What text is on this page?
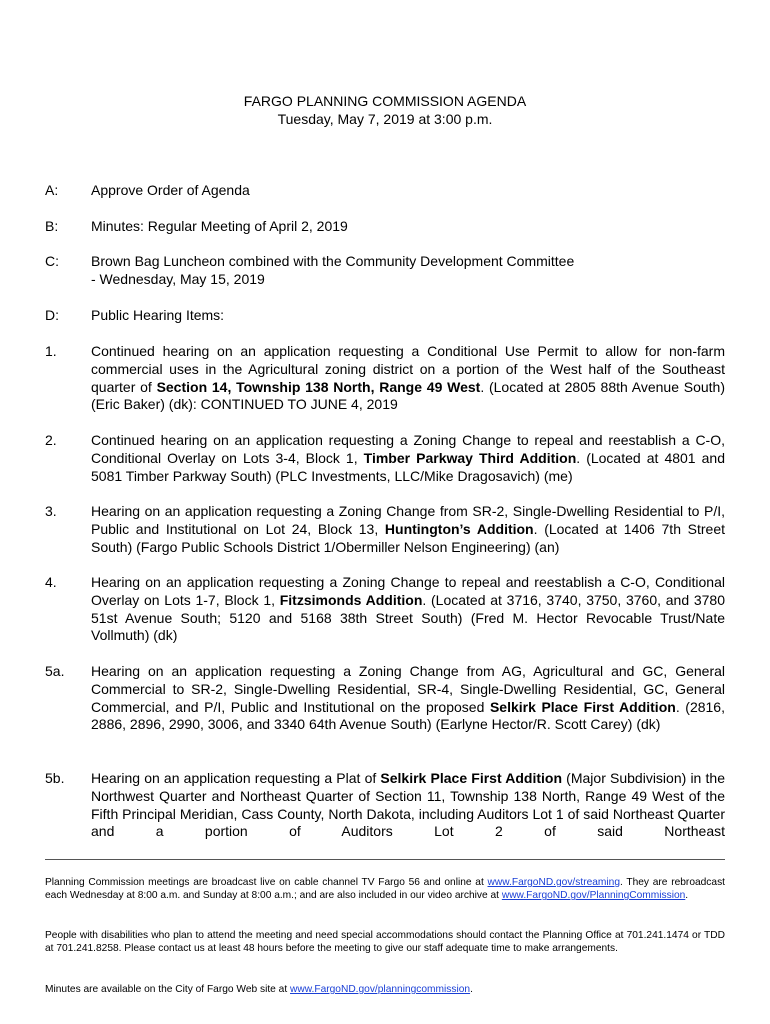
FARGO PLANNING COMMISSION AGENDA
Tuesday, May 7, 2019 at 3:00 p.m.
A:	Approve Order of Agenda
B:	Minutes: Regular Meeting of April 2, 2019
C:	Brown Bag Luncheon combined with the Community Development Committee
- Wednesday, May 15, 2019
D:	Public Hearing Items:
1.	Continued hearing on an application requesting a Conditional Use Permit to allow for non-farm commercial uses in the Agricultural zoning district on a portion of the West half of the Southeast quarter of Section 14, Township 138 North, Range 49 West. (Located at 2805 88th Avenue South) (Eric Baker) (dk): CONTINUED TO JUNE 4, 2019
2.	Continued hearing on an application requesting a Zoning Change to repeal and reestablish a C-O, Conditional Overlay on Lots 3-4, Block 1, Timber Parkway Third Addition. (Located at 4801 and 5081 Timber Parkway South) (PLC Investments, LLC/Mike Dragosavich) (me)
3.	Hearing on an application requesting a Zoning Change from SR-2, Single-Dwelling Residential to P/I, Public and Institutional on Lot 24, Block 13, Huntington’s Addition. (Located at 1406 7th Street South) (Fargo Public Schools District 1/Obermiller Nelson Engineering) (an)
4.	Hearing on an application requesting a Zoning Change to repeal and reestablish a C-O, Conditional Overlay on Lots 1-7, Block 1, Fitzsimonds Addition. (Located at 3716, 3740, 3750, 3760, and 3780 51st Avenue South; 5120 and 5168 38th Street South) (Fred M. Hector Revocable Trust/Nate Vollmuth) (dk)
5a.	Hearing on an application requesting a Zoning Change from AG, Agricultural and GC, General Commercial to SR-2, Single-Dwelling Residential, SR-4, Single-Dwelling Residential, GC, General Commercial, and P/I, Public and Institutional on the proposed Selkirk Place First Addition. (2816, 2886, 2896, 2990, 3006, and 3340 64th Avenue South) (Earlyne Hector/R. Scott Carey) (dk)
5b.	Hearing on an application requesting a Plat of Selkirk Place First Addition (Major Subdivision) in the Northwest Quarter and Northeast Quarter of Section 11, Township 138 North, Range 49 West of the Fifth Principal Meridian, Cass County, North Dakota, including Auditors Lot 1 of said Northeast Quarter and a portion of Auditors Lot 2 of said Northeast
Planning Commission meetings are broadcast live on cable channel TV Fargo 56 and online at www.FargoND.gov/streaming. They are rebroadcast each Wednesday at 8:00 a.m. and Sunday at 8:00 a.m.; and are also included in our video archive at www.FargoND.gov/PlanningCommission.
People with disabilities who plan to attend the meeting and need special accommodations should contact the Planning Office at 701.241.1474 or TDD at 701.241.8258. Please contact us at least 48 hours before the meeting to give our staff adequate time to make arrangements.
Minutes are available on the City of Fargo Web site at www.FargoND.gov/planningcommission.
